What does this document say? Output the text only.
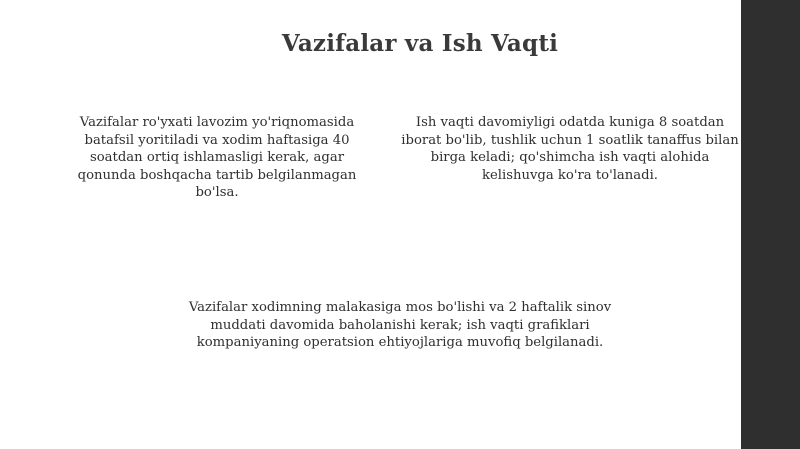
Vazifalar va Ish Vaqti

Vazifalar ro'yxati lavozim yo'riqnomasida batafsil yoritiladi va xodim haftasiga 40 soatdan ortiq ishlamasligi kerak, agar qonunda boshqacha tartib belgilanmagan bo'lsa.

Ish vaqti davomiyligi odatda kuniga 8 soatdan iborat bo'lib, tushlik uchun 1 soatlik tanaffus bilan birga keladi; qo'shimcha ish vaqti alohida kelishuvga ko'ra to'lanadi.

Vazifalar xodimning malakasiga mos bo'lishi va 2 haftalik sinov muddati davomida baholanishi kerak; ish vaqti grafiklari kompaniyaning operatsion ehtiyojlariga muvofiq belgilanadi.
